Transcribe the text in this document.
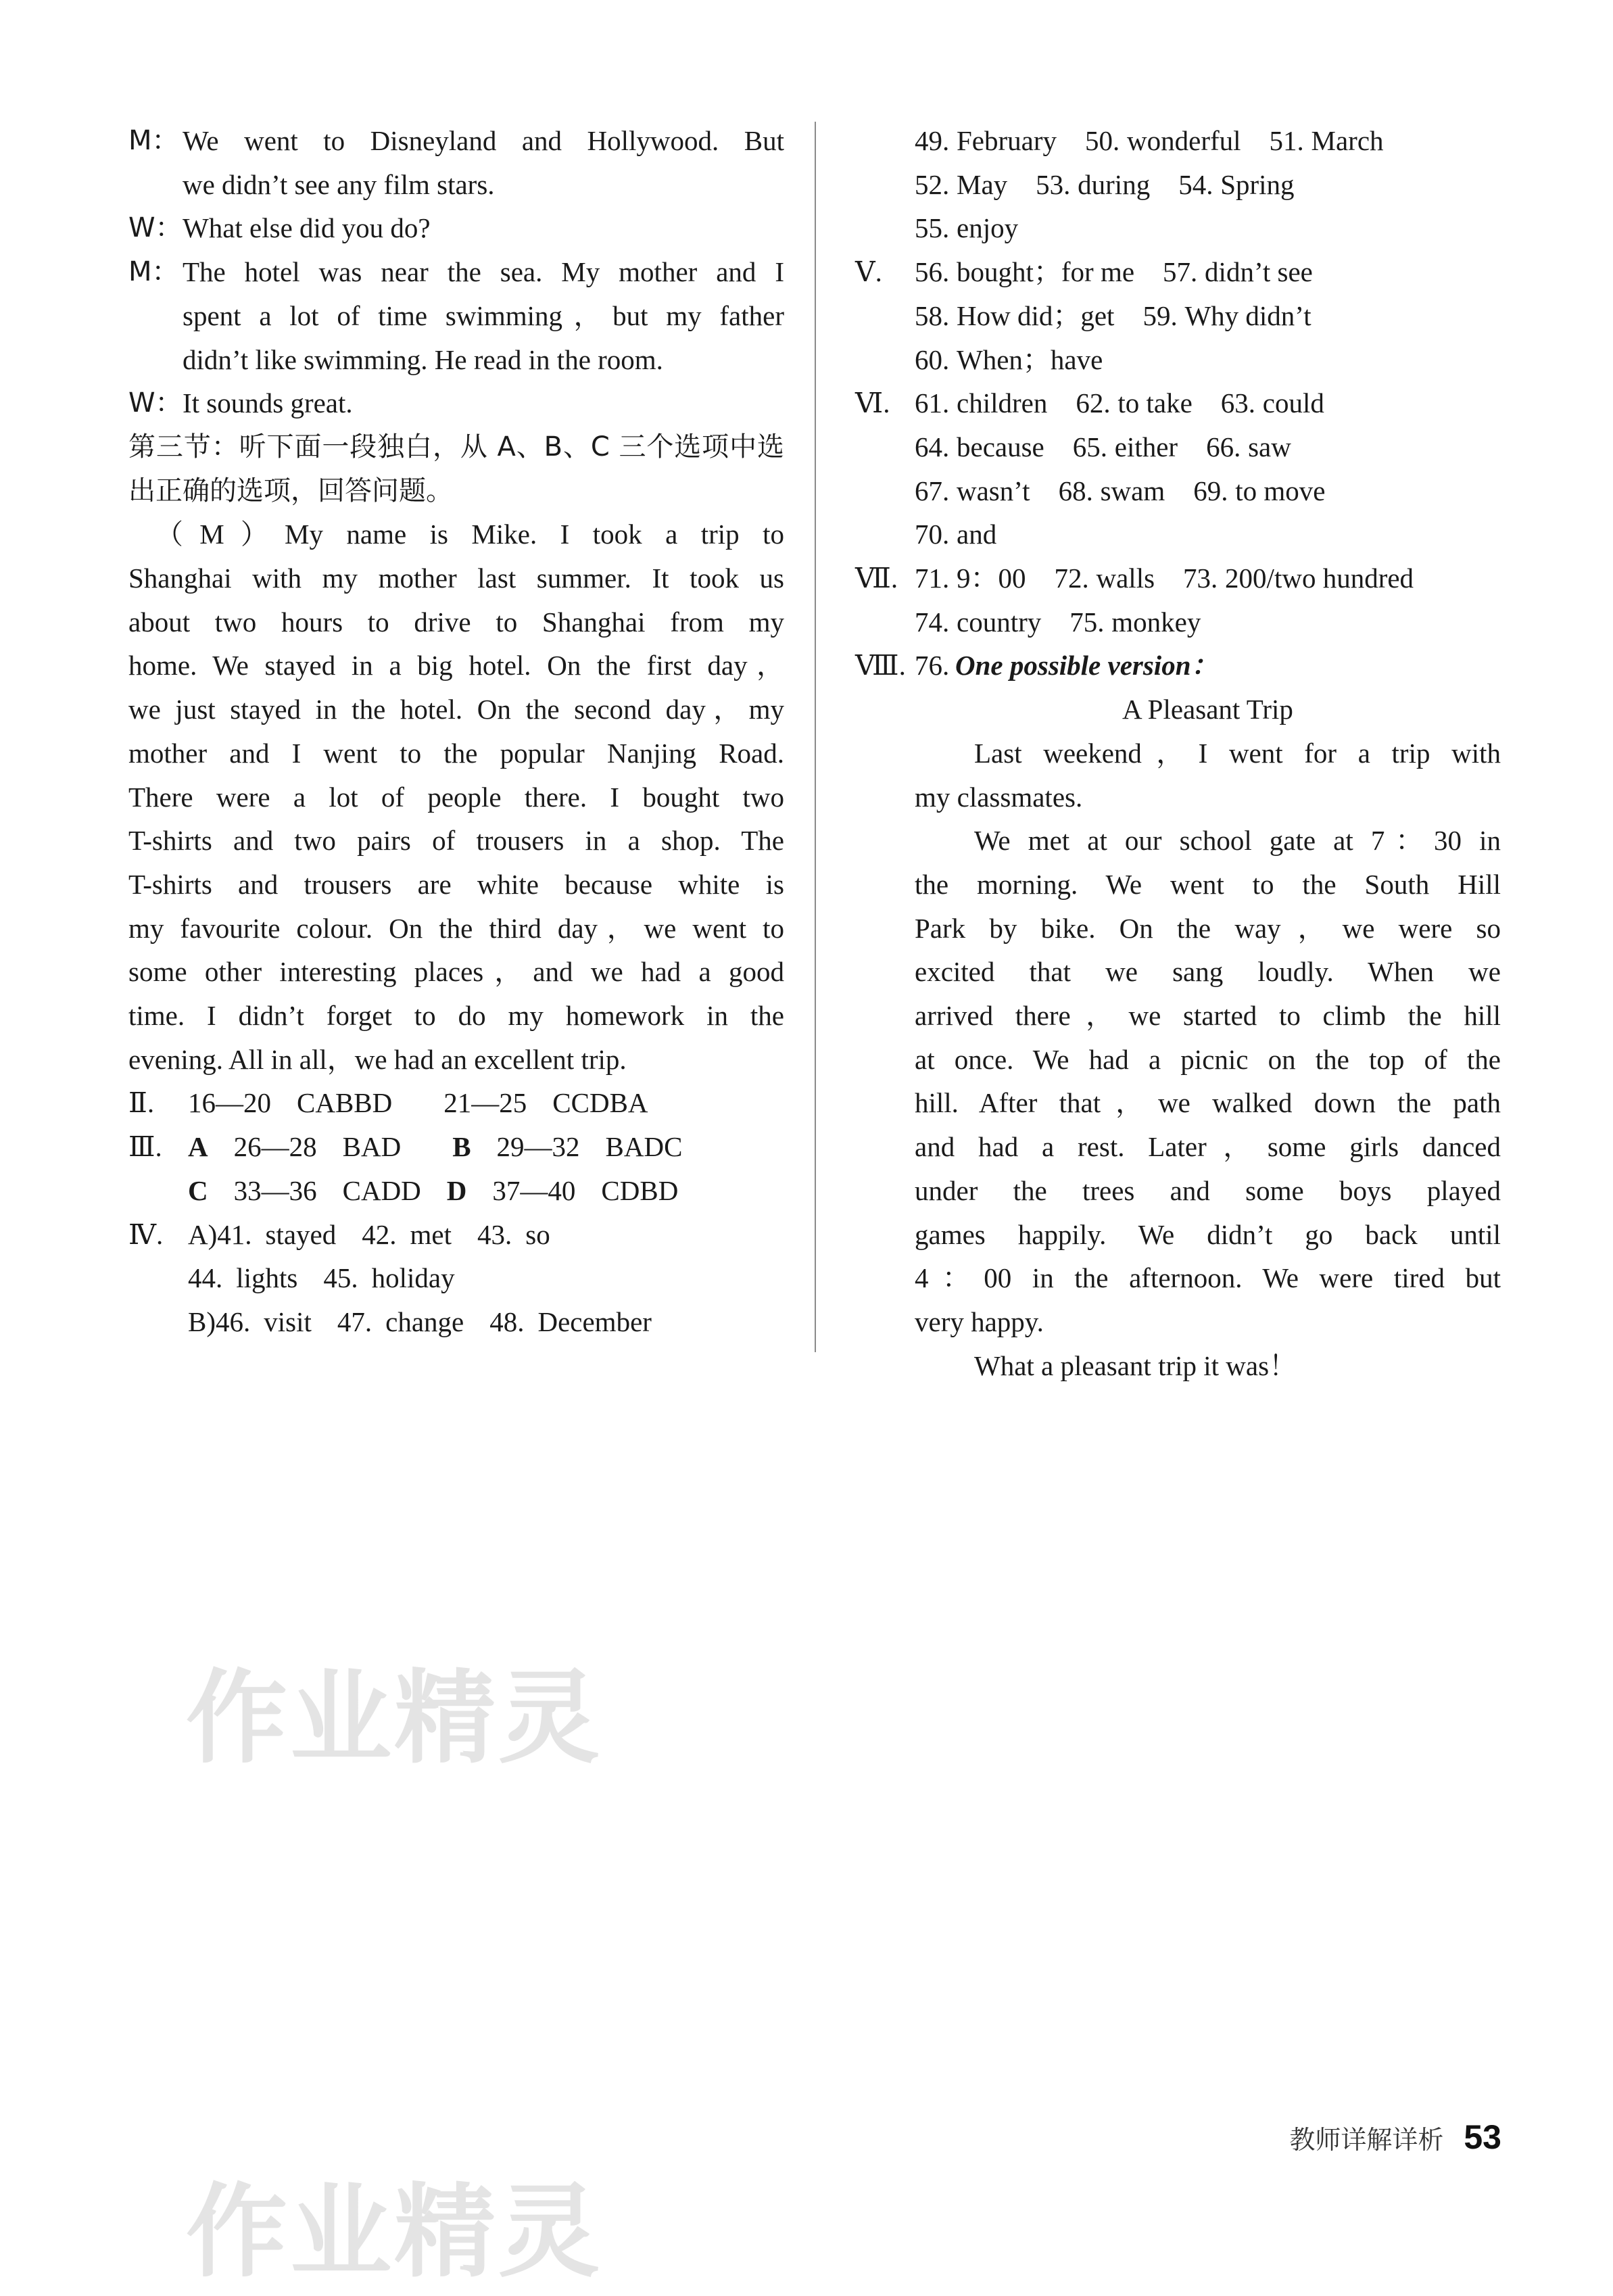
M： We went to Disneyland and Hollywood. But
we didn’t see any film stars.
W： What else did you do?
M： The hotel was near the sea. My mother and I
spent a lot of time swimming，but my father
didn’t like swimming. He read in the room.
W： It sounds great.
第三节：听下面一段独白，从 A、B、C 三个选项中选
出正确的选项，回答问题。
（M）My name is Mike. I took a trip to
Shanghai with my mother last summer. It took us
about two hours to drive to Shanghai from my
home. We stayed in a big hotel. On the first day，
we just stayed in the hotel. On the second day，my
mother and I went to the popular Nanjing Road.
There were a lot of people there. I bought two
T-shirts and two pairs of trousers in a shop. The
T-shirts and trousers are white because white is
my favourite colour. On the third day，we went to
some other interesting places，and we had a good
time. I didn’t forget to do my homework in the
evening. All in all，we had an excellent trip.
Ⅱ.	16—20 CABBD 21—25 CCDBA
Ⅲ. A 26—28 BAD B 29—32 BADC
C 33—36 CADD D 37—40 CDBD
Ⅳ. A)41. stayed 42. met 43. so
44. lights 45. holiday
B)46. visit 47. change 48. December
49. February 50. wonderful 51. March
52. May 53. during 54. Spring
55. enjoy
Ⅴ.	56. bought；for me 57. didn’t see
58. How did；get 59. Why didn’t
60. When；have
Ⅵ. 61. children 62. to take 63. could
64. because 65. either 66. saw
67. wasn’t 68. swam 69. to move
70. and
Ⅶ. 71. 9：00 72. walls 73. 200/two hundred
74. country 75. monkey
Ⅷ. 76. One possible version：
A Pleasant Trip
Last weekend，I went for a trip with
my classmates.
We met at our school gate at 7：30 in
the morning. We went to the South Hill
Park by bike. On the way，we were so
excited that we sang loudly. When we
arrived there，we started to climb the hill
at once. We had a picnic on the top of the
hill. After that，we walked down the path
and had a rest. Later，some girls danced
under the trees and some boys played
games happily. We didn’t go back until
4：00 in the afternoon. We were tired but
very happy.
What a pleasant trip it was！
作业精灵
作业精灵
教师详解详析 53
